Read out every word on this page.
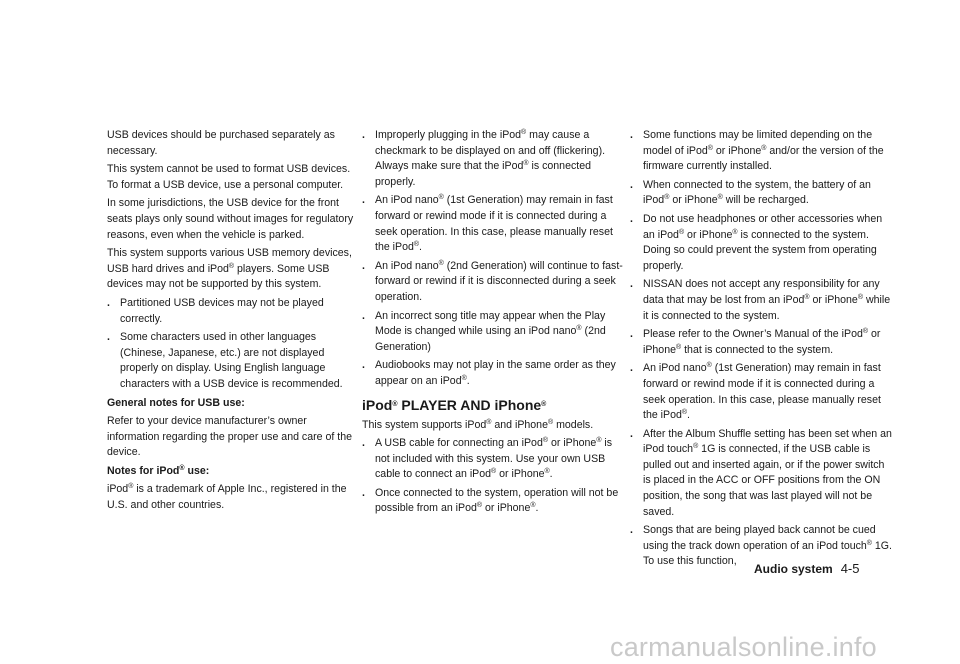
USB devices should be purchased separately as necessary.

This system cannot be used to format USB devices. To format a USB device, use a personal computer.

In some jurisdictions, the USB device for the front seats plays only sound without images for regulatory reasons, even when the vehicle is parked.

This system supports various USB memory devices, USB hard drives and iPod® players. Some USB devices may not be supported by this system.

. Partitioned USB devices may not be played correctly.
. Some characters used in other languages (Chinese, Japanese, etc.) are not displayed properly on display. Using English language characters with a USB device is recommended.
General notes for USB use:

Refer to your device manufacturer’s owner information regarding the proper use and care of the device.

Notes for iPod® use:

iPod® is a trademark of Apple Inc., registered in the U.S. and other countries.

. Improperly plugging in the iPod® may cause a checkmark to be displayed on and off (flickering). Always make sure that the iPod® is connected properly.
. An iPod nano® (1st Generation) may remain in fast forward or rewind mode if it is connected during a seek operation. In this case, please manually reset the iPod®.
. An iPod nano® (2nd Generation) will continue to fast-forward or rewind if it is disconnected during a seek operation.
. An incorrect song title may appear when the Play Mode is changed while using an iPod nano® (2nd Generation)
. Audiobooks may not play in the same order as they appear on an iPod®.
iPod® PLAYER AND iPhone®

This system supports iPod® and iPhone® models.

. A USB cable for connecting an iPod® or iPhone® is not included with this system. Use your own USB cable to connect an iPod® or iPhone®.
. Once connected to the system, operation will not be possible from an iPod® or iPhone®.
. Some functions may be limited depending on the model of iPod® or iPhone® and/or the version of the firmware currently installed.
. When connected to the system, the battery of an iPod® or iPhone® will be recharged.
. Do not use headphones or other accessories when an iPod® or iPhone® is connected to the system. Doing so could prevent the system from operating properly.
. NISSAN does not accept any responsibility for any data that may be lost from an iPod® or iPhone® while it is connected to the system.
. Please refer to the Owner’s Manual of the iPod® or iPhone® that is connected to the system.
. An iPod nano® (1st Generation) may remain in fast forward or rewind mode if it is connected during a seek operation. In this case, please manually reset the iPod®.
. After the Album Shuffle setting has been set when an iPod touch® 1G is connected, if the USB cable is pulled out and inserted again, or if the power switch is placed in the ACC or OFF positions from the ON position, the song that was last played will not be saved.
. Songs that are being played back cannot be cued using the track down operation of an iPod touch® 1G. To use this function,
Audio system 4-5
carmanualsonline.info
